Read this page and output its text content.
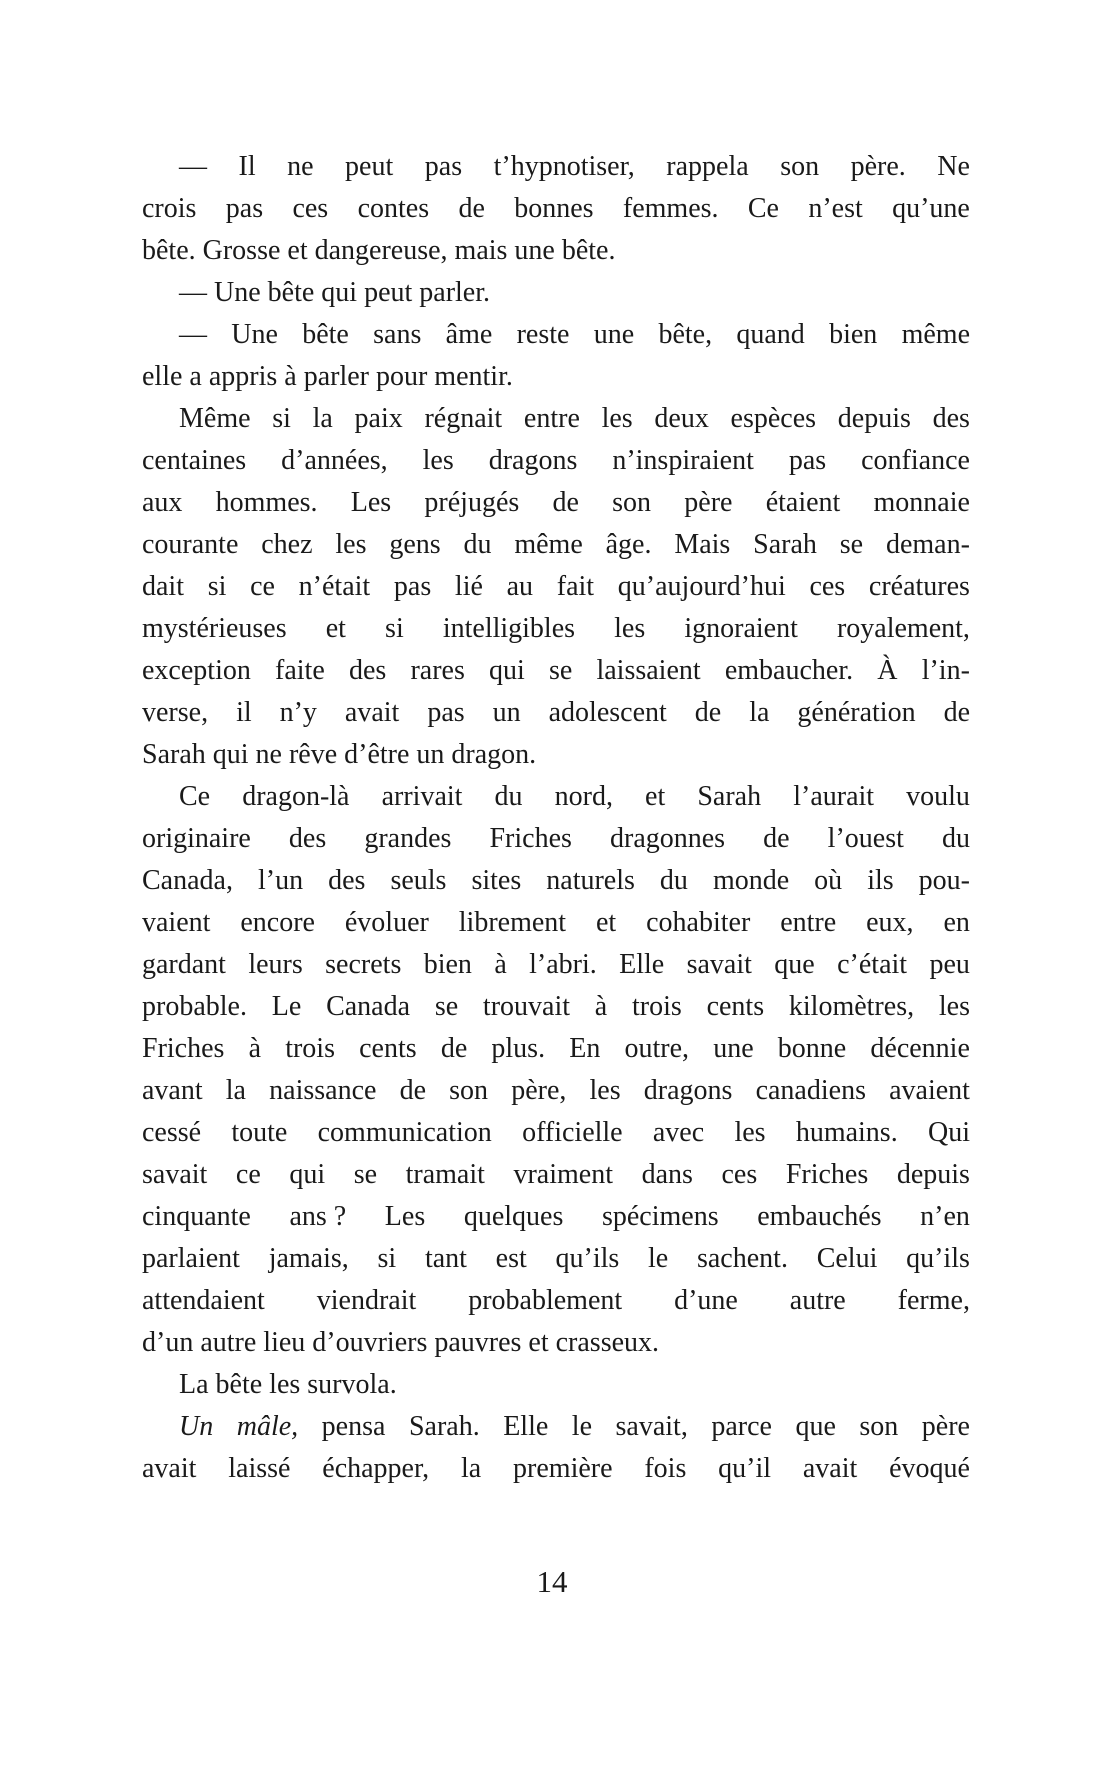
— Il ne peut pas t’hypnotiser, rappela son père. Ne
crois pas ces contes de bonnes femmes. Ce n’est qu’une
bête. Grosse et dangereuse, mais une bête.
— Une bête qui peut parler.
— Une bête sans âme reste une bête, quand bien même
elle a appris à parler pour mentir.
Même si la paix régnait entre les deux espèces depuis des
centaines d’années, les dragons n’inspiraient pas confiance
aux hommes. Les préjugés de son père étaient monnaie
courante chez les gens du même âge. Mais Sarah se deman-
dait si ce n’était pas lié au fait qu’aujourd’hui ces créatures
mystérieuses et si intelligibles les ignoraient royalement,
exception faite des rares qui se laissaient embaucher. À l’in-
verse, il n’y avait pas un adolescent de la génération de
Sarah qui ne rêve d’être un dragon.
Ce dragon-là arrivait du nord, et Sarah l’aurait voulu
originaire des grandes Friches dragonnes de l’ouest du
Canada, l’un des seuls sites naturels du monde où ils pou-
vaient encore évoluer librement et cohabiter entre eux, en
gardant leurs secrets bien à l’abri. Elle savait que c’était peu
probable. Le Canada se trouvait à trois cents kilomètres, les
Friches à trois cents de plus. En outre, une bonne décennie
avant la naissance de son père, les dragons canadiens avaient
cessé toute communication officielle avec les humains. Qui
savait ce qui se tramait vraiment dans ces Friches depuis
cinquante ans ? Les quelques spécimens embauchés n’en
parlaient jamais, si tant est qu’ils le sachent. Celui qu’ils
attendaient viendrait probablement d’une autre ferme,
d’un autre lieu d’ouvriers pauvres et crasseux.
La bête les survola.
Un mâle, pensa Sarah. Elle le savait, parce que son père
avait laissé échapper, la première fois qu’il avait évoqué
14
